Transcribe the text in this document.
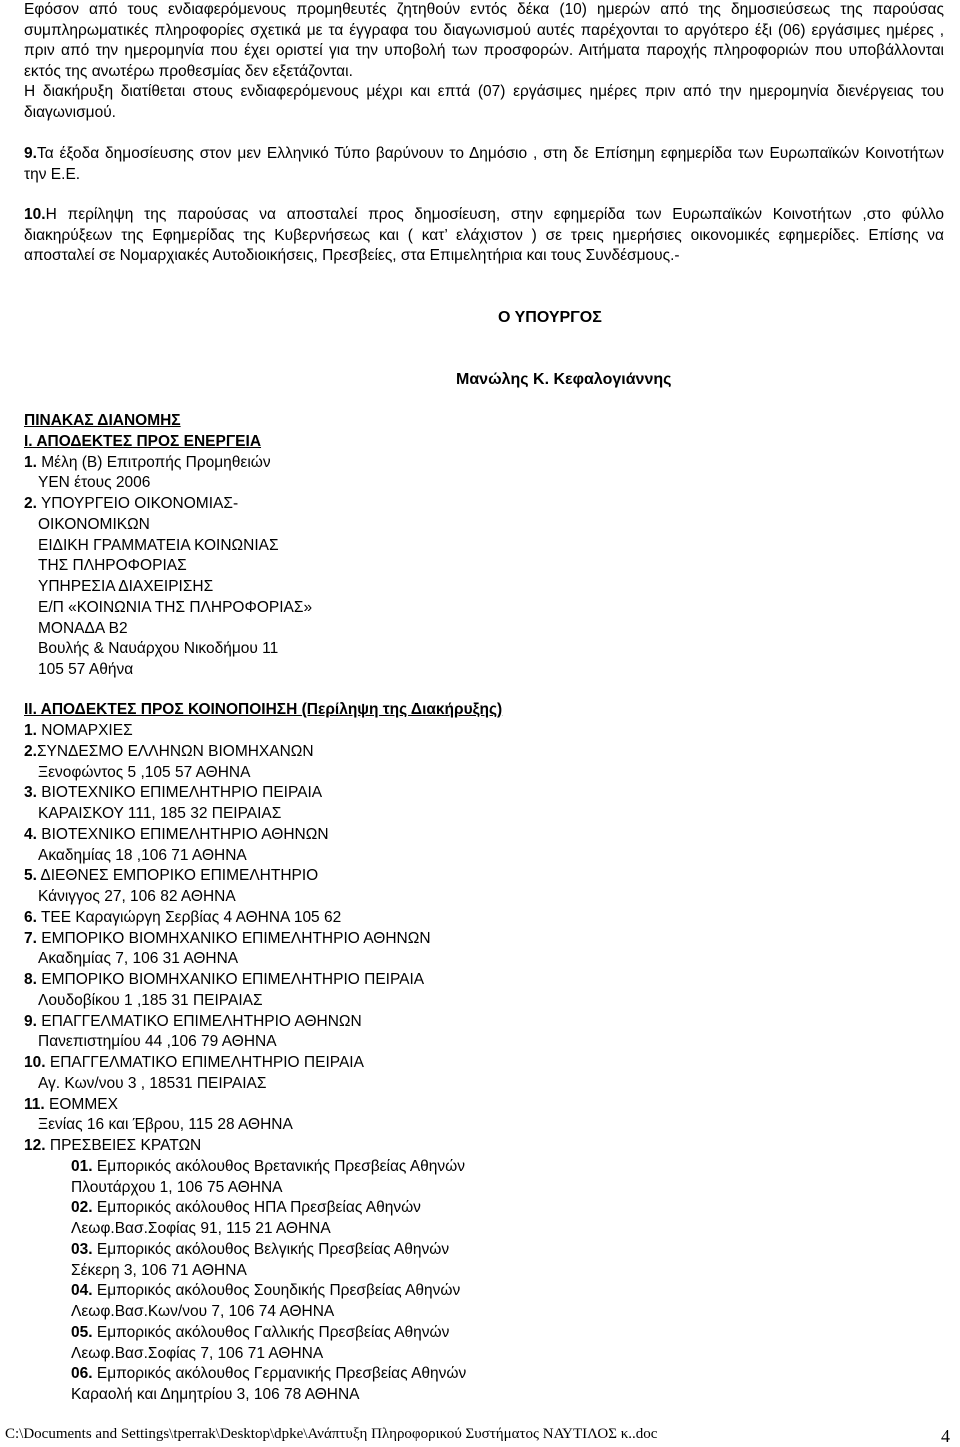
Εφόσον από τους ενδιαφερόμενους προμηθευτές ζητηθούν εντός δέκα (10) ημερών από της δημοσιεύσεως της παρούσας συμπληρωματικές πληροφορίες σχετικά με τα έγγραφα του διαγωνισμού αυτές παρέχονται το αργότερο έξι (06) εργάσιμες ημέρες , πριν από την ημερομηνία που έχει οριστεί για την υποβολή των προσφορών. Αιτήματα παροχής πληροφοριών που υποβάλλονται εκτός της ανωτέρω προθεσμίας δεν εξετάζονται.

Η διακήρυξη διατίθεται στους ενδιαφερόμενους μέχρι και επτά (07) εργάσιμες ημέρες πριν από την ημερομηνία διενέργειας του διαγωνισμού.

9.Τα έξοδα δημοσίευσης στον μεν Ελληνικό Τύπο βαρύνουν το Δημόσιο , στη δε Επίσημη εφημερίδα των Ευρωπαϊκών Κοινοτήτων την Ε.Ε.

10.Η περίληψη της παρούσας να αποσταλεί προς δημοσίευση, στην εφημερίδα των Ευρωπαϊκών Κοινοτήτων ,στο φύλλο διακηρύξεων της Εφημερίδας της Κυβερνήσεως και ( κατ’ ελάχιστον ) σε τρεις ημερήσιες οικονομικές εφημερίδες. Επίσης να αποσταλεί σε Νομαρχιακές Αυτοδιοικήσεις, Πρεσβείες, στα Επιμελητήρια και τους Συνδέσμους.-

Ο ΥΠΟΥΡΓΟΣ
Μανώλης Κ. Κεφαλογιάννης
ΠΙΝΑΚΑΣ ΔΙΑΝΟΜΗΣ
Ι. ΑΠΟΔΕΚΤΕΣ ΠΡΟΣ ΕΝΕΡΓΕΙΑ
1. Μέλη (Β) Επιτροπής Προμηθειών
ΥΕΝ έτους 2006
2. ΥΠΟΥΡΓΕΙΟ ΟΙΚΟΝΟΜΙΑΣ-
ΟΙΚΟΝΟΜΙΚΩΝ
ΕΙΔΙΚΗ ΓΡΑΜΜΑΤΕΙΑ ΚΟΙΝΩΝΙΑΣ
ΤΗΣ ΠΛΗΡΟΦΟΡΙΑΣ
ΥΠΗΡΕΣΙΑ ΔΙΑΧΕΙΡΙΣΗΣ
Ε/Π «ΚΟΙΝΩΝΙΑ ΤΗΣ ΠΛΗΡΟΦΟΡΙΑΣ»
ΜΟΝΑΔΑ Β2
Βουλής & Ναυάρχου Νικοδήμου 11
105 57 Αθήνα
ΙΙ. ΑΠΟΔΕΚΤΕΣ ΠΡΟΣ ΚΟΙΝΟΠΟΙΗΣΗ (Περίληψη της Διακήρυξης)
1. ΝΟΜΑΡΧΙΕΣ
2.ΣΥΝΔΕΣΜΟ ΕΛΛΗΝΩΝ ΒΙΟΜΗΧΑΝΩΝ
Ξενοφώντος 5 ,105 57 ΑΘΗΝΑ
3. ΒΙΟΤΕΧΝΙΚΟ ΕΠΙΜΕΛΗΤΗΡΙΟ ΠΕΙΡΑΙΑ
ΚΑΡΑΙΣΚΟΥ 111, 185 32 ΠΕΙΡΑΙΑΣ
4. ΒΙΟΤΕΧΝΙΚΟ ΕΠΙΜΕΛΗΤΗΡΙΟ ΑΘΗΝΩΝ
Ακαδημίας 18 ,106 71 ΑΘΗΝΑ
5. ΔΙΕΘΝΕΣ ΕΜΠΟΡΙΚΟ ΕΠΙΜΕΛΗΤΗΡΙΟ
Κάνιγγος 27, 106 82 ΑΘΗΝΑ
6. ΤΕΕ Καραγιώργη Σερβίας 4 ΑΘΗΝΑ 105 62
7. ΕΜΠΟΡΙΚΟ ΒΙΟΜΗΧΑΝΙΚΟ ΕΠΙΜΕΛΗΤΗΡΙΟ ΑΘΗΝΩΝ
Ακαδημίας 7, 106 31 ΑΘΗΝΑ
8. ΕΜΠΟΡΙΚΟ ΒΙΟΜΗΧΑΝΙΚΟ ΕΠΙΜΕΛΗΤΗΡΙΟ ΠΕΙΡΑΙΑ
Λουδοβίκου 1 ,185 31 ΠΕΙΡΑΙΑΣ
9. ΕΠΑΓΓΕΛΜΑΤΙΚΟ ΕΠΙΜΕΛΗΤΗΡΙΟ ΑΘΗΝΩΝ
Πανεπιστημίου 44 ,106 79 ΑΘΗΝΑ
10. ΕΠΑΓΓΕΛΜΑΤΙΚΟ ΕΠΙΜΕΛΗΤΗΡΙΟ ΠΕΙΡΑΙΑ
Αγ. Κων/νου 3 , 18531 ΠΕΙΡΑΙΑΣ
11. ΕΟΜΜΕΧ
Ξενίας 16 και Έβρου, 115 28 ΑΘΗΝΑ
12. ΠΡΕΣΒΕΙΕΣ ΚΡΑΤΩΝ
01. Εμπορικός ακόλουθος Βρετανικής Πρεσβείας Αθηνών
Πλουτάρχου 1, 106 75 ΑΘΗΝΑ
02. Εμπορικός ακόλουθος ΗΠΑ Πρεσβείας Αθηνών
Λεωφ.Βασ.Σοφίας 91, 115 21 ΑΘΗΝΑ
03. Εμπορικός ακόλουθος Βελγικής Πρεσβείας Αθηνών
Σέκερη 3, 106 71 ΑΘΗΝΑ
04. Εμπορικός ακόλουθος Σουηδικής Πρεσβείας Αθηνών
Λεωφ.Βασ.Κων/νου 7, 106 74 ΑΘΗΝΑ
05. Εμπορικός ακόλουθος Γαλλικής Πρεσβείας Αθηνών
Λεωφ.Βασ.Σοφίας 7, 106 71 ΑΘΗΝΑ
06. Εμπορικός ακόλουθος Γερμανικής Πρεσβείας Αθηνών
Καραολή και Δημητρίου 3, 106 78 ΑΘΗΝΑ
C:\Documents and Settings\tperrak\Desktop\dpke\Ανάπτυξη Πληροφορικού Συστήματος ΝΑΥΤΙΛΟΣ κ..doc	4
